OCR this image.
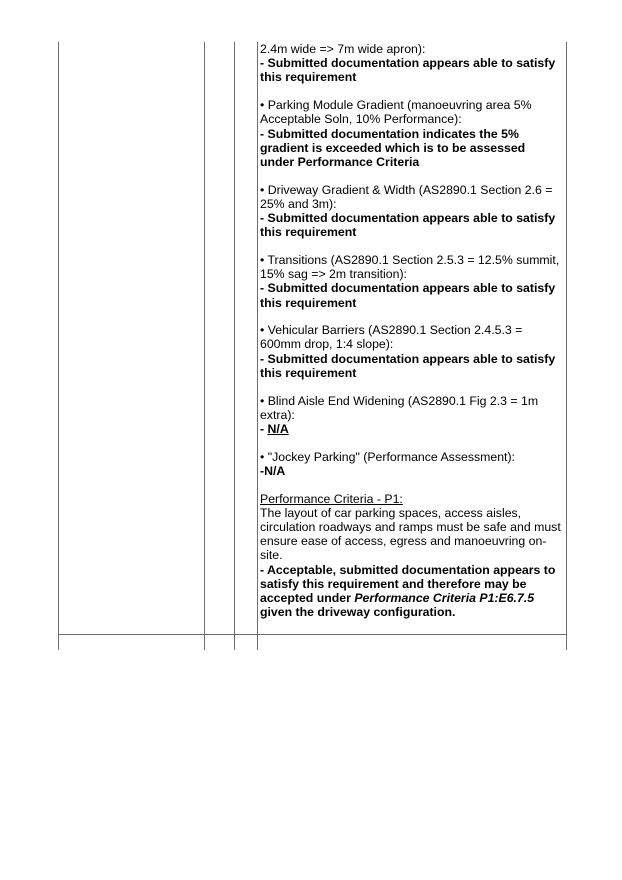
2.4m wide => 7m wide apron):

- Submitted documentation appears able to satisfy this requirement

• Parking Module Gradient (manoeuvring area 5% Acceptable Soln, 10% Performance):

- Submitted documentation indicates the 5% gradient is exceeded which is to be assessed under Performance Criteria

• Driveway Gradient & Width (AS2890.1 Section 2.6 = 25% and 3m):

- Submitted documentation appears able to satisfy this requirement

• Transitions (AS2890.1 Section 2.5.3 = 12.5% summit, 15% sag => 2m transition):

- Submitted documentation appears able to satisfy this requirement

• Vehicular Barriers (AS2890.1 Section 2.4.5.3 = 600mm drop, 1:4 slope):

- Submitted documentation appears able to satisfy this requirement

• Blind Aisle End Widening (AS2890.1 Fig 2.3 = 1m extra):

- N/A

• "Jockey Parking" (Performance Assessment):

-N/A

Performance Criteria - P1:

The layout of car parking spaces, access aisles, circulation roadways and ramps must be safe and must ensure ease of access, egress and manoeuvring on-site.

- Acceptable, submitted documentation appears to satisfy this requirement and therefore may be accepted under Performance Criteria P1:E6.7.5 given the driveway configuration.
